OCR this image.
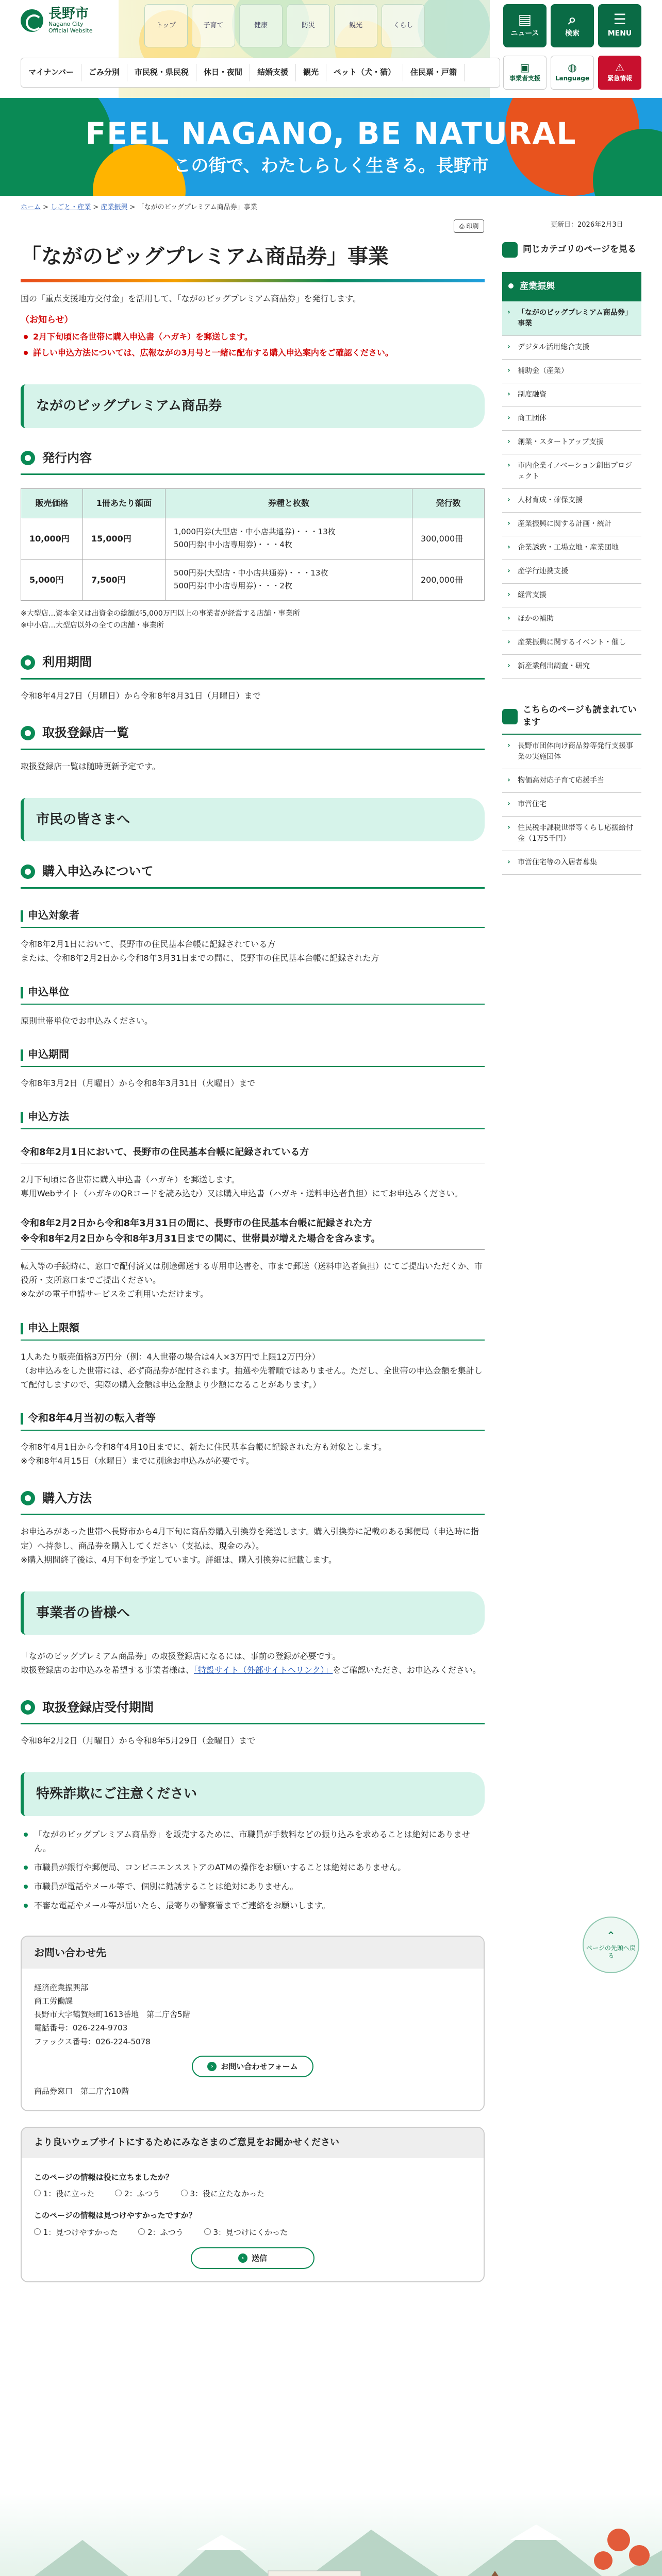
長野市
Nagano City
Official Website
トップ	子育て	健康	防災	観光	くらし	▤
ニュース
⌕
検索
☰
MENU
マイナンバー	ごみ分別	市民税・県民税	休日・夜間	結婚支援	観光	ペット（犬・猫）	住民票・戸籍	▣
事業者支援
◍
Language
⚠
緊急情報
FEEL NAGANO, BE NATURAL

この街で、わたしらしく生きる。長野市

ホーム > しごと・産業 > 産業振興 > 「ながのビッグプレミアム商品券」事業
⎙ 印刷	更新日：2026年2月3日
「ながのビッグプレミアム商品券」事業

国の「重点支援地方交付金」を活用して、「ながのビッグプレミアム商品券」を発行します。

（お知らせ）

2月下旬頃に各世帯に購入申込書（ハガキ）を郵送します。
詳しい申込方法については、広報ながの3月号と一緒に配布する購入申込案内をご確認ください。
ながのビッグプレミアム商品券
発行内容
販売価格	1冊あたり額面	券種と枚数	発行数
10,000円	15,000円	1,000円券(大型店・中小店共通券)・・・13枚
500円券(中小店専用券)・・・4枚	300,000冊
5,000円	7,500円	500円券(大型店・中小店共通券)・・・13枚
500円券(中小店専用券)・・・2枚	200,000冊

※大型店…資本金又は出資金の総額が5,000万円以上の事業者が経営する店舗・事業所
※中小店…大型店以外の全ての店舗・事業所

利用期間

令和8年4月27日（月曜日）から令和8年8月31日（月曜日）まで

取扱登録店一覧

取扱登録店一覧は随時更新予定です。

市民の皆さまへ
購入申込みについて
申込対象者

令和8年2月1日において、長野市の住民基本台帳に記録されている方
または、令和8年2月2日から令和8年3月31日までの間に、長野市の住民基本台帳に記録された方

申込単位

原則世帯単位でお申込みください。

申込期間

令和8年3月2日（月曜日）から令和8年3月31日（火曜日）まで

申込方法
令和8年2月1日において、長野市の住民基本台帳に記録されている方

2月下旬頃に各世帯に購入申込書（ハガキ）を郵送します。
専用Webサイト（ハガキのQRコードを読み込む）又は購入申込書（ハガキ・送料申込者負担）にてお申込みください。

令和8年2月2日から令和8年3月31日の間に、長野市の住民基本台帳に記録された方
※令和8年2月2日から令和8年3月31日までの間に、世帯員が増えた場合を含みます。

転入等の手続時に、窓口で配付済又は別途郵送する専用申込書を、市まで郵送（送料申込者負担）にてご提出いただくか、市役所・支所窓口までご提出ください。
※ながの電子申請サービスをご利用いただけます。

申込上限額

1人あたり販売価格3万円分（例：4人世帯の場合は4人×3万円で上限12万円分）
（お申込みをした世帯には、必ず商品券が配付されます。抽選や先着順ではありません。ただし、全世帯の申込金額を集計して配付しますので、実際の購入金額は申込金額より少額になることがあります。）

令和8年4月当初の転入者等

令和8年4月1日から令和8年4月10日までに、新たに住民基本台帳に記録された方も対象とします。
※令和8年4月15日（水曜日）までに別途お申込みが必要です。

購入方法

お申込みがあった世帯へ長野市から4月下旬に商品券購入引換券を発送します。購入引換券に記載のある郵便局（申込時に指定）へ持参し、商品券を購入してください（支払は、現金のみ）。
※購入期間終了後は、4月下旬を予定しています。詳細は、購入引換券に記載します。

事業者の皆様へ

「ながのビッグプレミアム商品券」の取扱登録店になるには、事前の登録が必要です。
取扱登録店のお申込みを希望する事業者様は、「特設サイト（外部サイトへリンク）」をご確認いただき、お申込みください。

取扱登録店受付期間

令和8年2月2日（月曜日）から令和8年5月29日（金曜日）まで

特殊詐欺にご注意ください
「ながのビッグプレミアム商品券」を販売するために、市職員が手数料などの振り込みを求めることは絶対にありません。
市職員が銀行や郵便局、コンビニエンスストアのATMの操作をお願いすることは絶対にありません。
市職員が電話やメール等で、個別に勧誘することは絶対にありません。
不審な電話やメール等が届いたら、最寄りの警察署までご連絡をお願いします。
お問い合わせ先

経済産業振興部
商工労働課
長野市大字鶴賀緑町1613番地　第二庁舎5階
電話番号：026-224-9703
ファックス番号：026-224-5078

› お問い合わせフォーム

商品券窓口　第二庁舎10階

より良いウェブサイトにするためにみなさまのご意見をお聞かせください

このページの情報は役に立ちましたか？

1：役に立った	2：ふつう	3：役に立たなかった

このページの情報は見つけやすかったですか？

1：見つけやすかった	2：ふつう	3：見つけにくかった
› 送信
同じカテゴリのページを見る
産業振興
› 「ながのビッグプレミアム商品券」事業
› デジタル活用総合支援
› 補助金（産業）
› 制度融資
› 商工団体
› 創業・スタートアップ支援
› 市内企業イノベーション創出プロジェクト
› 人材育成・確保支援
› 産業振興に関する計画・統計
› 企業誘致・工場立地・産業団地
› 産学行連携支援
› 経営支援
› ほかの補助
› 産業振興に関するイベント・催し
› 新産業創出調査・研究
こちらのページも読まれています
› 長野市団体向け商品券等発行支援事業の実施団体
› 物価高対応子育て応援手当
› 市営住宅
› 住民税非課税世帯等くらし応援給付金（1万5千円）
› 市営住宅等の入居者募集
⌃
ページの先頭へ戻る
